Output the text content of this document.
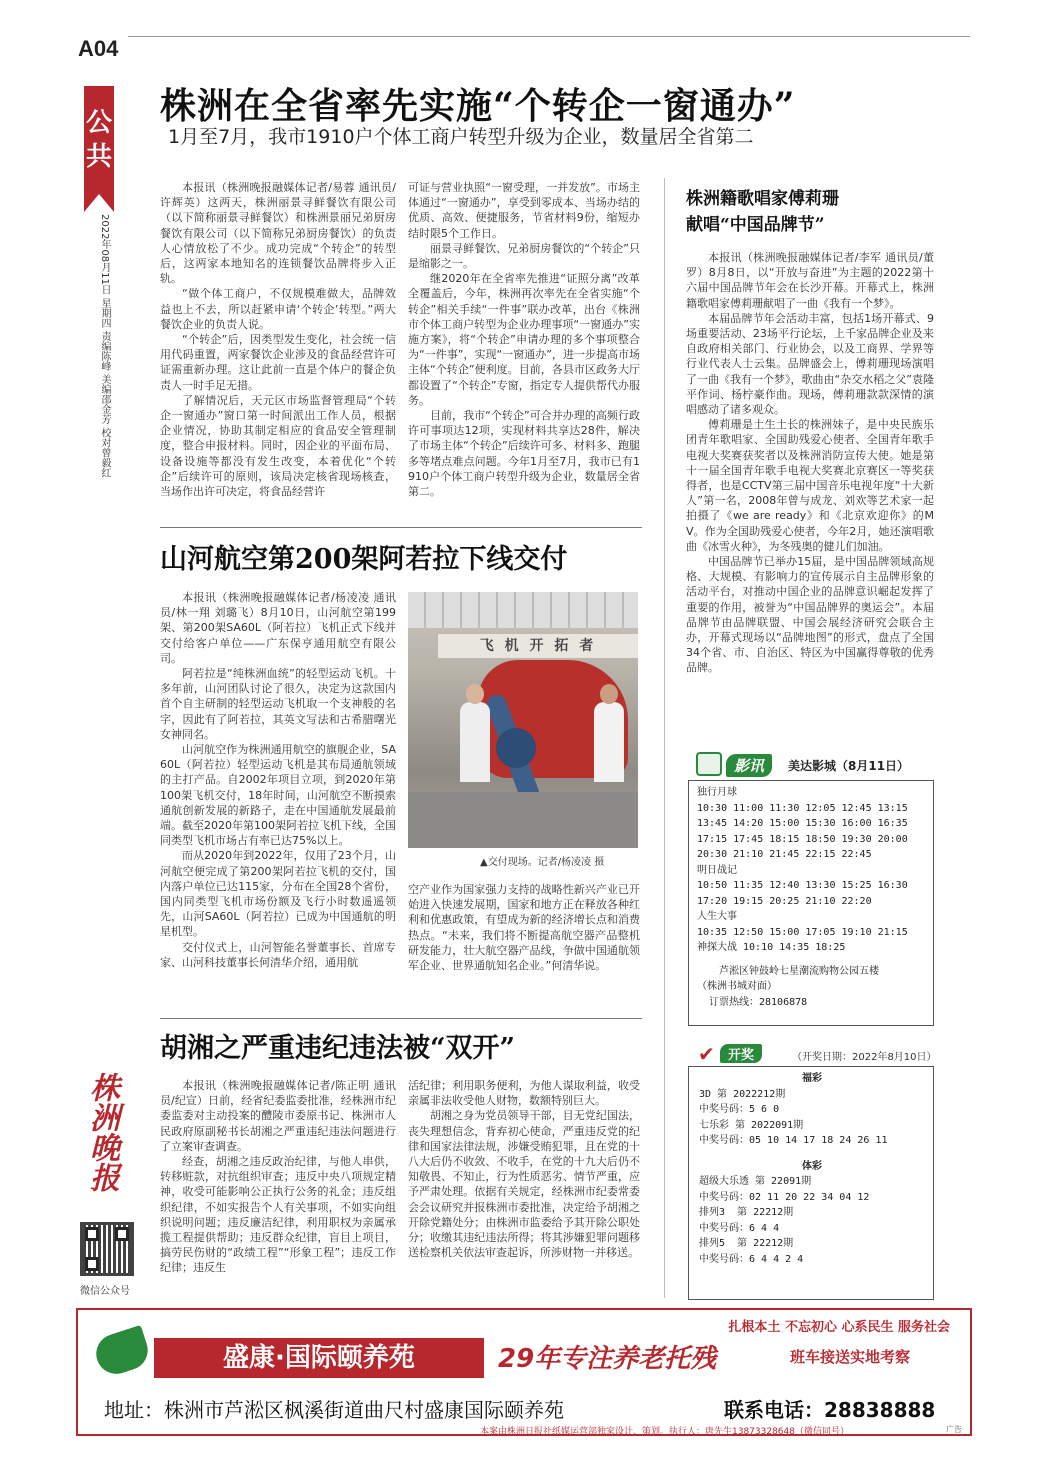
A04
公
共
2022年08月11日 星期四 责编陈峰 美编邵金芳 校对曾毅红
株洲晚报
微信公众号
株洲在全省率先实施“个转企一窗通办”
1月至7月，我市1910户个体工商户转型升级为企业，数量居全省第二

本报讯（株洲晚报融媒体记者/易蓉 通讯员/许辉英）这两天，株洲丽景寻鲜餐饮有限公司（以下简称丽景寻鲜餐饮）和株洲景丽兄弟厨房餐饮有限公司（以下简称兄弟厨房餐饮）的负责人心情放松了不少。成功完成“个转企”的转型后，这两家本地知名的连锁餐饮品牌将步入正轨。

“做个体工商户，不仅规模难做大，品牌效益也上不去，所以赶紧申请‘个转企’转型。”两大餐饮企业的负责人说。

“个转企”后，因类型发生变化，社会统一信用代码重置，两家餐饮企业涉及的食品经营许可证需重新办理。这让此前一直是个体户的餐企负责人一时手足无措。

了解情况后，天元区市场监督管理局“个转企一窗通办”窗口第一时间派出工作人员，根据企业情况，协助其制定相应的食品安全管理制度，整合申报材料。同时，因企业的平面布局、设备设施等都没有发生改变，本着优化“个转企”后续许可的原则，该局决定核省现场核查，当场作出许可决定，将食品经营许

可证与营业执照“一窗受理，一并发放”。市场主体通过“一窗通办”，享受到零成本、当场办结的优质、高效、便捷服务，节省材料9份，缩短办结时限5个工作日。

丽景寻鲜餐饮、兄弟厨房餐饮的“个转企”只是缩影之一。

继2020年在全省率先推进“证照分离”改革全覆盖后，今年，株洲再次率先在全省实施“个转企”相关手续“一件事”联办改革，出台《株洲市个体工商户转型为企业办理事项“一窗通办”实施方案》，将“个转企”申请办理的多个事项整合为“一件事”，实现“一窗通办”，进一步提高市场主体“个转企”便利度。目前，各县市区政务大厅都设置了“个转企”专窗，指定专人提供帮代办服务。

目前，我市“个转企”可合并办理的高频行政许可事项达12项，实现材料共享达28件，解决了市场主体“个转企”后续许可多、材料多、跑腿多等堵点难点问题。今年1月至7月，我市已有1910户个体工商户转型升级为企业，数量居全省第二。

山河航空第200架阿若拉下线交付

本报讯（株洲晚报融媒体记者/杨凌凌 通讯员/林一翔 刘璐飞）8月10日，山河航空第199架、第200架SA60L（阿若拉）飞机正式下线并交付给客户单位——广东保亨通用航空有限公司。

阿若拉是“纯株洲血统”的轻型运动飞机。十多年前，山河团队讨论了很久，决定为这款国内首个自主研制的轻型运动飞机取一个支神般的名字，因此有了阿若拉，其英文写法和古希腊曙光女神同名。

山河航空作为株洲通用航空的旗舰企业，SA60L（阿若拉）轻型运动飞机是其布局通航领域的主打产品。自2002年项目立项，到2020年第100架飞机交付，18年时间，山河航空不断摸索通航创新发展的新路子，走在中国通航发展最前端。截至2020年第100架阿若拉飞机下线，全国同类型飞机市场占有率已达75%以上。

而从2020年到2022年，仅用了23个月，山河航空便完成了第200架阿若拉飞机的交付，国内落户单位已达115家，分布在全国28个省份，国内同类型飞机市场份额及飞行小时数遥遥领先，山河SA60L（阿若拉）已成为中国通航的明星机型。

交付仪式上，山河智能名誉董事长、首席专家、山河科技董事长何清华介绍，通用航

飞 机 开 拓 者
▲交付现场。记者/杨凌凌 摄

空产业作为国家强力支持的战略性新兴产业已开始进入快速发展期，国家和地方正在释放各种红利和优惠政策，有望成为新的经济增长点和消费热点。“未来，我们将不断提高航空器产品整机研发能力，壮大航空器产品线，争做中国通航领军企业、世界通航知名企业。”何清华说。

胡湘之严重违纪违法被“双开”

本报讯（株洲晚报融媒体记者/陈正明 通讯员/纪宣）日前，经省纪委监委批准，经株洲市纪委监委对主动投案的醴陵市委原书记、株洲市人民政府原副秘书长胡湘之严重违纪违法问题进行了立案审查调查。

经查，胡湘之违反政治纪律，与他人串供，转移赃款，对抗组织审查；违反中央八项规定精神，收受可能影响公正执行公务的礼金；违反组织纪律，不如实报告个人有关事项，不如实向组织说明问题；违反廉洁纪律，利用职权为亲属承揽工程提供帮助；违反群众纪律，盲目上项目，搞劳民伤财的“政绩工程”“形象工程”；违反工作纪律；违反生

活纪律；利用职务便利，为他人谋取利益，收受亲属非法收受他人财物，数额特别巨大。

胡湘之身为党员领导干部，目无党纪国法，丧失理想信念，背弃初心使命，严重违反党的纪律和国家法律法规，涉嫌受贿犯罪，且在党的十八大后仍不收敛、不收手，在党的十九大后仍不知敬畏、不知止，行为性质恶劣、情节严重，应予严肃处理。依据有关规定，经株洲市纪委常委会会议研究并报株洲市委批准，决定给予胡湘之开除党籍处分；由株洲市监委给予其开除公职处分；收缴其违纪违法所得；将其涉嫌犯罪问题移送检察机关依法审查起诉，所涉财物一并移送。

株洲籍歌唱家傅莉珊
献唱“中国品牌节”

本报讯（株洲晚报融媒体记者/李军 通讯员/董罗）8月8日，以“开放与奋进”为主题的2022第十六届中国品牌节年会在长沙开幕。开幕式上，株洲籍歌唱家傅莉珊献唱了一曲《我有一个梦》。

本届品牌节年会活动丰富，包括1场开幕式、9场重要活动、23场平行论坛，上千家品牌企业及来自政府相关部门、行业协会，以及工商界、学界等行业代表人士云集。品牌盛会上，傅莉珊现场演唱了一曲《我有一个梦》，歌曲由“杂交水稻之父”袁隆平作词、杨柠豪作曲。现场，傅莉珊款款深情的演唱感动了诸多观众。

傅莉珊是土生土长的株洲妹子，是中央民族乐团青年歌唱家、全国助残爱心使者、全国青年歌手电视大奖赛获奖者以及株洲消防宣传大使。她是第十一届全国青年歌手电视大奖赛北京赛区一等奖获得者，也是CCTV第三届中国音乐电视年度“十大新人”第一名，2008年曾与成龙、刘欢等艺术家一起拍摄了《we are ready》和《北京欢迎你》的MV。作为全国助残爱心使者，今年2月，她还演唱歌曲《冰雪火种》，为冬残奥的健儿们加油。

中国品牌节已举办15届，是中国品牌领域高规格、大规模、有影响力的宣传展示自主品牌形象的活动平台，对推动中国企业的品牌意识崛起发挥了重要的作用，被誉为“中国品牌界的奥运会”。本届品牌节由品牌联盟、中国会展经济研究会联合主办，开幕式现场以“品牌地图”的形式，盘点了全国34个省、市、自治区、特区为中国赢得尊敬的优秀品牌。

影讯	美达影城（8月11日）
独行月球
10:30 11:00 11:30 12:05 12:45 13:15
13:45 14:20 15:00 15:30 16:00 16:35
17:15 17:45 18:15 18:50 19:30 20:00
20:30 21:10 21:45 22:15 22:45
明日战记
10:50 11:35 12:40 13:30 15:25 16:30
17:20 19:15 20:25 21:10 22:20
人生大事
10:35 12:50 15:00 17:05 19:10 21:15
神探大战 10:10 14:35 18:25
芦淞区钟鼓岭七星潮流购物公园五楼
（株洲书城对面）
订票热线：28106878
✔	开奖	（开奖日期：2022年8月10日）
福彩
3D 第 2022212期
中奖号码：5 6 0
七乐彩 第 2022091期
中奖号码：05 10 14 17 18 24 26 11
体彩
超级大乐透 第 22091期
中奖号码：02 11 20 22 34 04 12
排列3  第 22212期
中奖号码：6 4 4
排列5  第 22212期
中奖号码：6 4 4 2 4
扎根本土 不忘初心 心系民生 服务社会
盛康·国际颐养苑	29年专注养老托残	班车接送实地考察
地址：株洲市芦淞区枫溪街道曲尺村盛康国际颐养苑	联系电话：28838888
本案由株洲日报社纸媒运营部独家设计、策划。执行人：唐先生13873328648（微信同号）	广告
